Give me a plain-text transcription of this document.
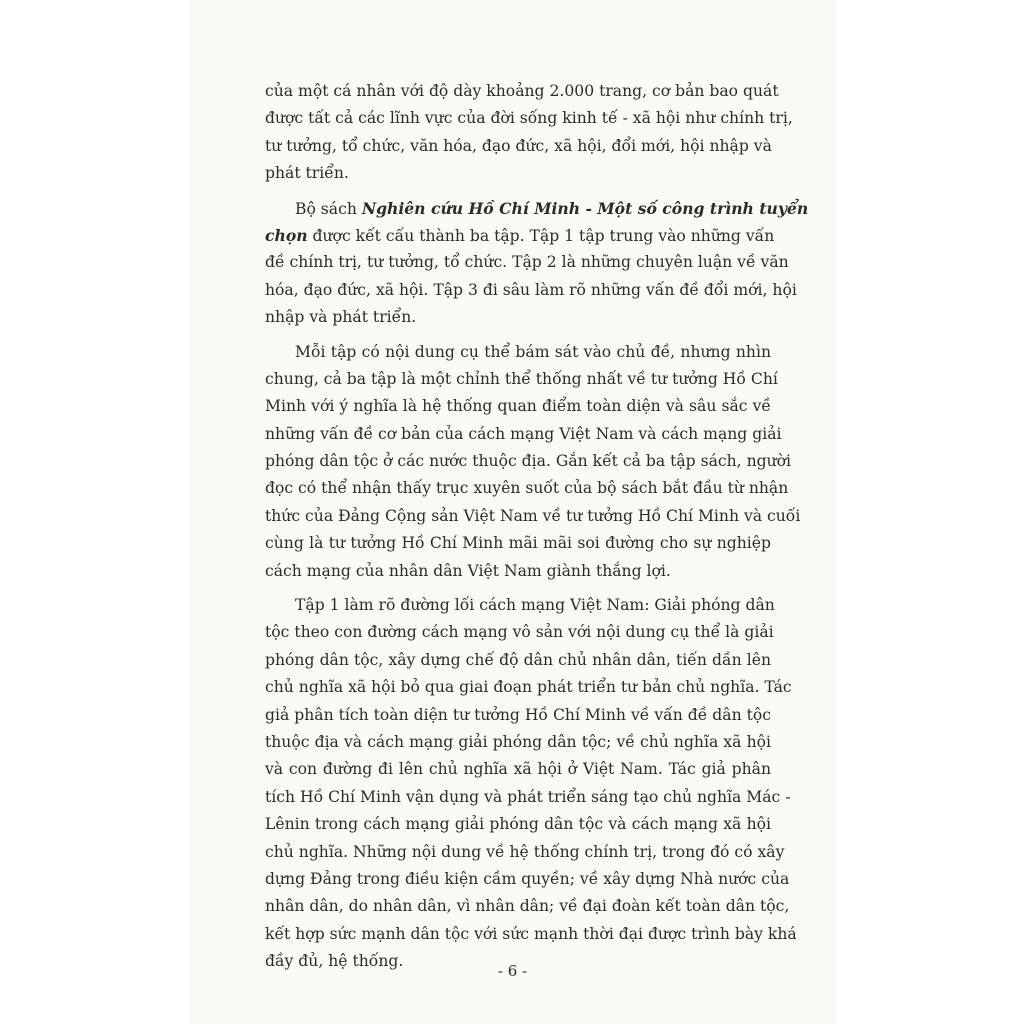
của một cá nhân với độ dày khoảng 2.000 trang, cơ bản bao quát
được tất cả các lĩnh vực của đời sống kinh tế - xã hội như chính trị,
tư tưởng, tổ chức, văn hóa, đạo đức, xã hội, đổi mới, hội nhập và
phát triển.
Bộ sách Nghiên cứu Hồ Chí Minh - Một số công trình tuyển
chọn được kết cấu thành ba tập. Tập 1 tập trung vào những vấn
đề chính trị, tư tưởng, tổ chức. Tập 2 là những chuyên luận về văn
hóa, đạo đức, xã hội. Tập 3 đi sâu làm rõ những vấn đề đổi mới, hội
nhập và phát triển.
Mỗi tập có nội dung cụ thể bám sát vào chủ đề, nhưng nhìn
chung, cả ba tập là một chỉnh thể thống nhất về tư tưởng Hồ Chí
Minh với ý nghĩa là hệ thống quan điểm toàn diện và sâu sắc về
những vấn đề cơ bản của cách mạng Việt Nam và cách mạng giải
phóng dân tộc ở các nước thuộc địa. Gắn kết cả ba tập sách, người
đọc có thể nhận thấy trục xuyên suốt của bộ sách bắt đầu từ nhận
thức của Đảng Cộng sản Việt Nam về tư tưởng Hồ Chí Minh và cuối
cùng là tư tưởng Hồ Chí Minh mãi mãi soi đường cho sự nghiệp
cách mạng của nhân dân Việt Nam giành thắng lợi.
Tập 1 làm rõ đường lối cách mạng Việt Nam: Giải phóng dân
tộc theo con đường cách mạng vô sản với nội dung cụ thể là giải
phóng dân tộc, xây dựng chế độ dân chủ nhân dân, tiến dần lên
chủ nghĩa xã hội bỏ qua giai đoạn phát triển tư bản chủ nghĩa. Tác
giả phân tích toàn diện tư tưởng Hồ Chí Minh về vấn đề dân tộc
thuộc địa và cách mạng giải phóng dân tộc; về chủ nghĩa xã hội
và con đường đi lên chủ nghĩa xã hội ở Việt Nam. Tác giả phân
tích Hồ Chí Minh vận dụng và phát triển sáng tạo chủ nghĩa Mác -
Lênin trong cách mạng giải phóng dân tộc và cách mạng xã hội
chủ nghĩa. Những nội dung về hệ thống chính trị, trong đó có xây
dựng Đảng trong điều kiện cầm quyền; về xây dựng Nhà nước của
nhân dân, do nhân dân, vì nhân dân; về đại đoàn kết toàn dân tộc,
kết hợp sức mạnh dân tộc với sức mạnh thời đại được trình bày khá
đầy đủ, hệ thống.
- 6 -
